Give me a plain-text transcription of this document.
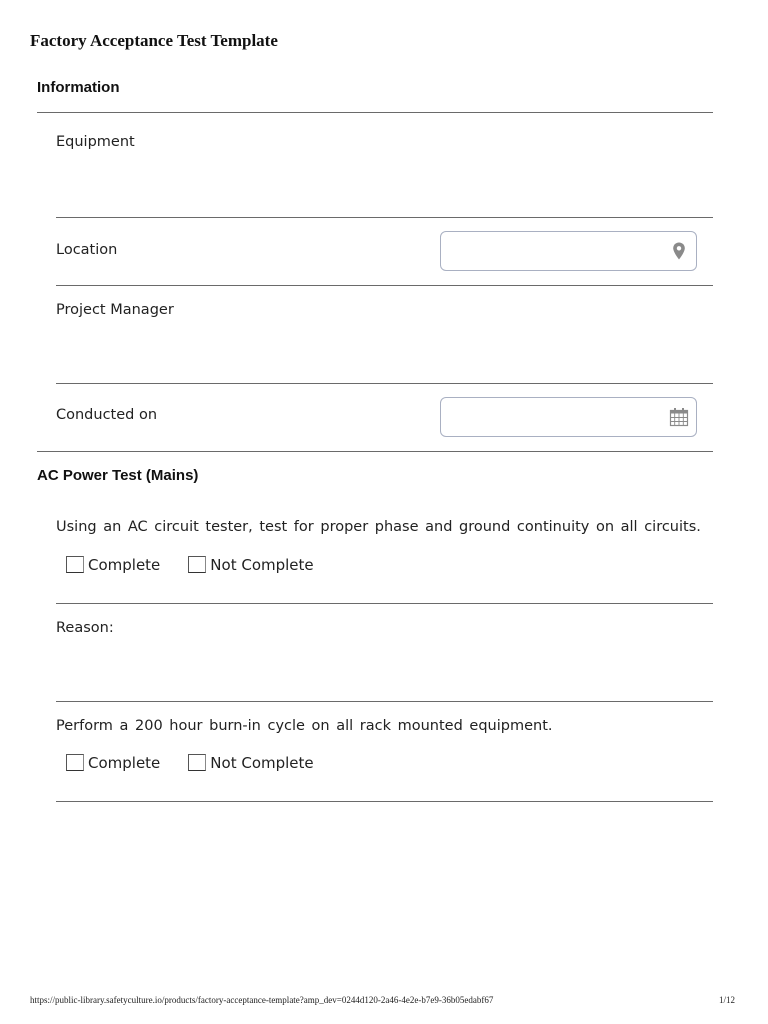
Factory Acceptance Test Template
Information
Equipment
Location
Project Manager
Conducted on
AC Power Test (Mains)
Using an AC circuit tester, test for proper phase and ground continuity on all circuits.
Complete	Not Complete
Reason:
Perform a 200 hour burn-in cycle on all rack mounted equipment.
Complete	Not Complete
https://public-library.safetyculture.io/products/factory-acceptance-template?amp_dev=0244d120-2a46-4e2e-b7e9-36b05edabf67	1/12
